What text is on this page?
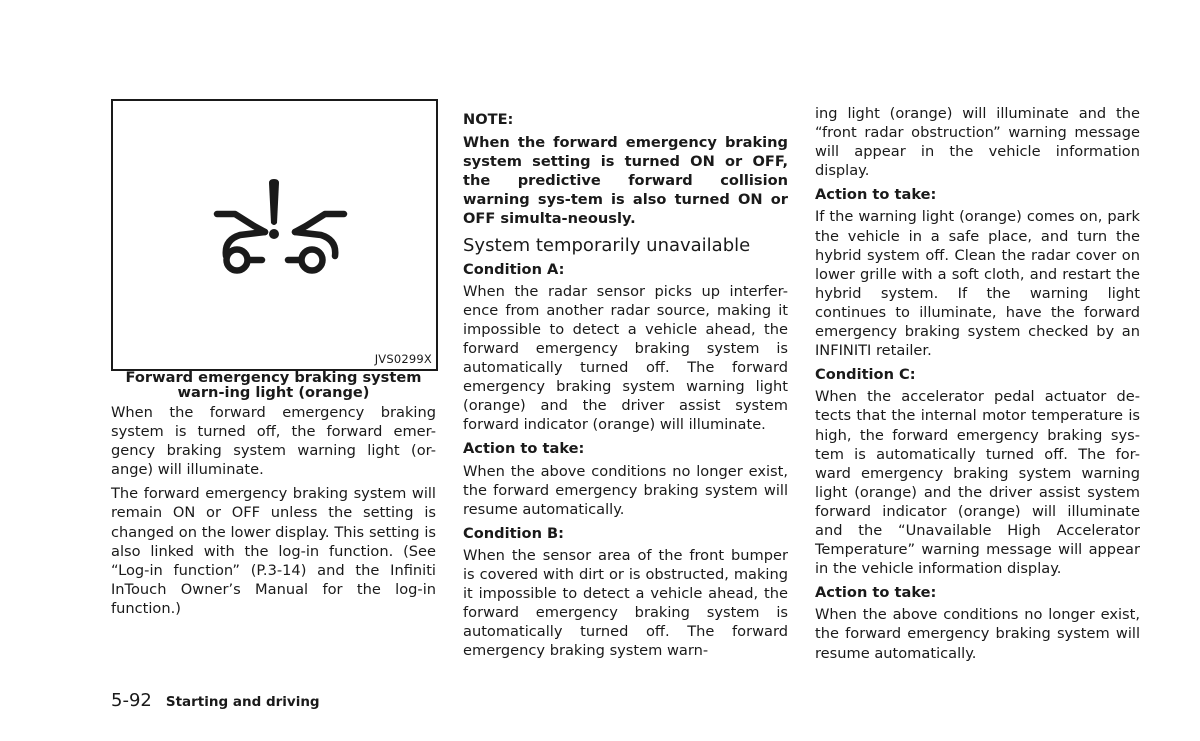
JVS0299X

Forward emergency braking system warn-ing light (orange)

When the forward emergency braking system is turned off, the forward emer-gency braking system warning light (or-ange) will illuminate.

The forward emergency braking system will remain ON or OFF unless the setting is changed on the lower display. This setting is also linked with the log-in function. (See “Log-in function” (P.3-14) and the Infiniti InTouch Owner’s Manual for the log-in function.)

NOTE:

When the forward emergency braking system setting is turned ON or OFF, the predictive forward collision warning sys-tem is also turned ON or OFF simulta-neously.

System temporarily unavailable

Condition A:

When the radar sensor picks up interfer-ence from another radar source, making it impossible to detect a vehicle ahead, the forward emergency braking system is automatically turned off. The forward emergency braking system warning light (orange) and the driver assist system forward indicator (orange) will illuminate.

Action to take:

When the above conditions no longer exist, the forward emergency braking system will resume automatically.

Condition B:

When the sensor area of the front bumper is covered with dirt or is obstructed, making it impossible to detect a vehicle ahead, the forward emergency braking system is automatically turned off. The forward emergency braking system warn-

ing light (orange) will illuminate and the “front radar obstruction” warning message will appear in the vehicle information display.

Action to take:

If the warning light (orange) comes on, park the vehicle in a safe place, and turn the hybrid system off. Clean the radar cover on lower grille with a soft cloth, and restart the hybrid system. If the warning light continues to illuminate, have the forward emergency braking system checked by an INFINITI retailer.

Condition C:

When the accelerator pedal actuator de-tects that the internal motor temperature is high, the forward emergency braking sys-tem is automatically turned off. The for-ward emergency braking system warning light (orange) and the driver assist system forward indicator (orange) will illuminate and the “Unavailable High Accelerator Temperature” warning message will appear in the vehicle information display.

Action to take:

When the above conditions no longer exist, the forward emergency braking system will resume automatically.

5-92 Starting and driving
